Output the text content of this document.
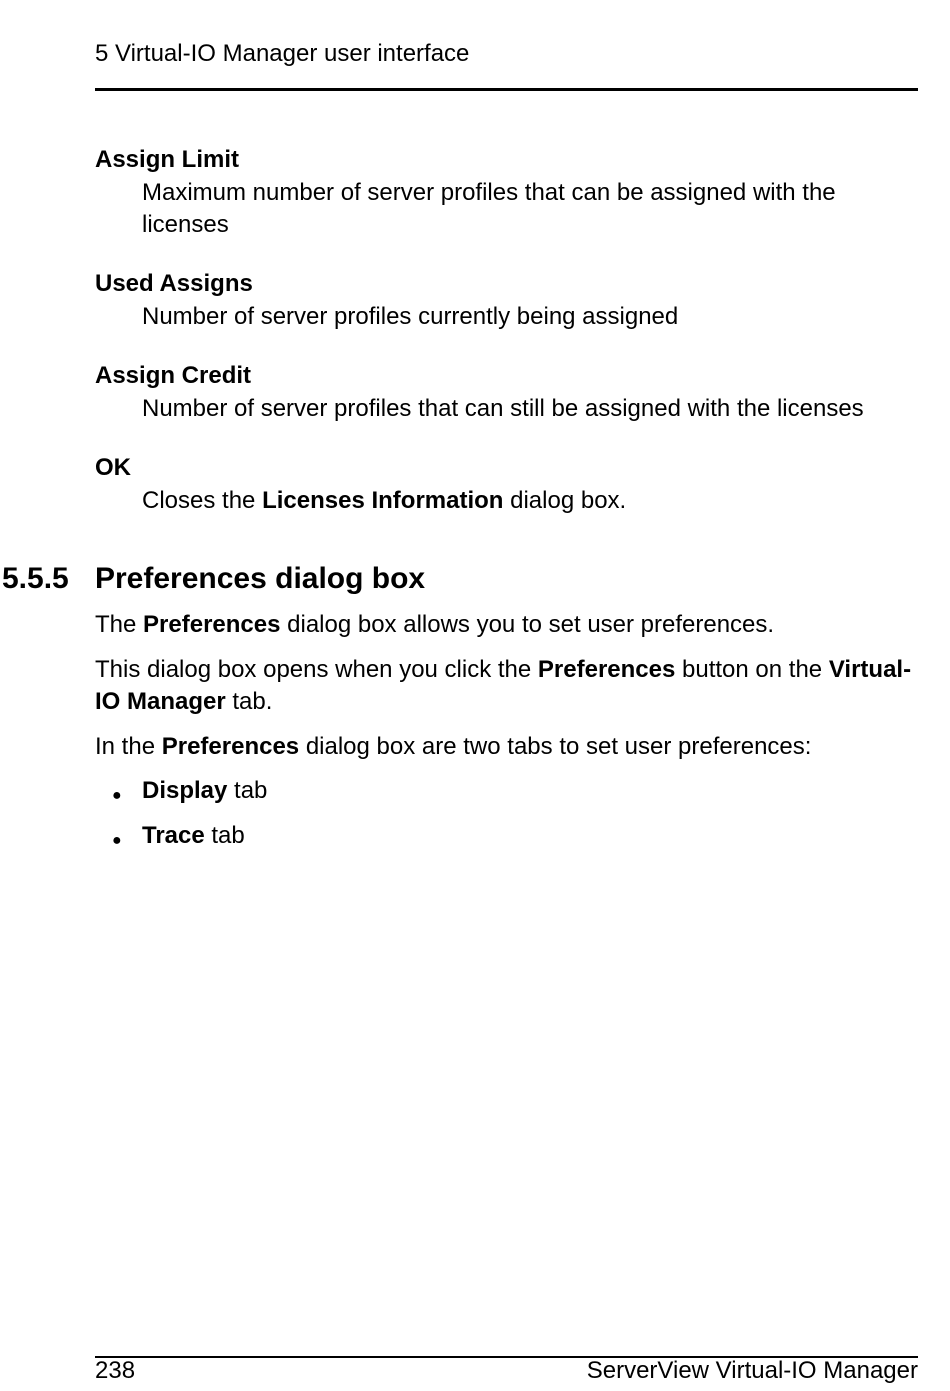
5 Virtual-IO Manager user interface
Assign Limit
Maximum number of server profiles that can be assigned with the licenses
Used Assigns
Number of server profiles currently being assigned
Assign Credit
Number of server profiles that can still be assigned with the licenses
OK
Closes the Licenses Information dialog box.
5.5.5 Preferences dialog box
The Preferences dialog box allows you to set user preferences.
This dialog box opens when you click the Preferences button on the Virtual-IO Manager tab.
In the Preferences dialog box are two tabs to set user preferences:
● Display tab
● Trace tab
238	ServerView Virtual-IO Manager
